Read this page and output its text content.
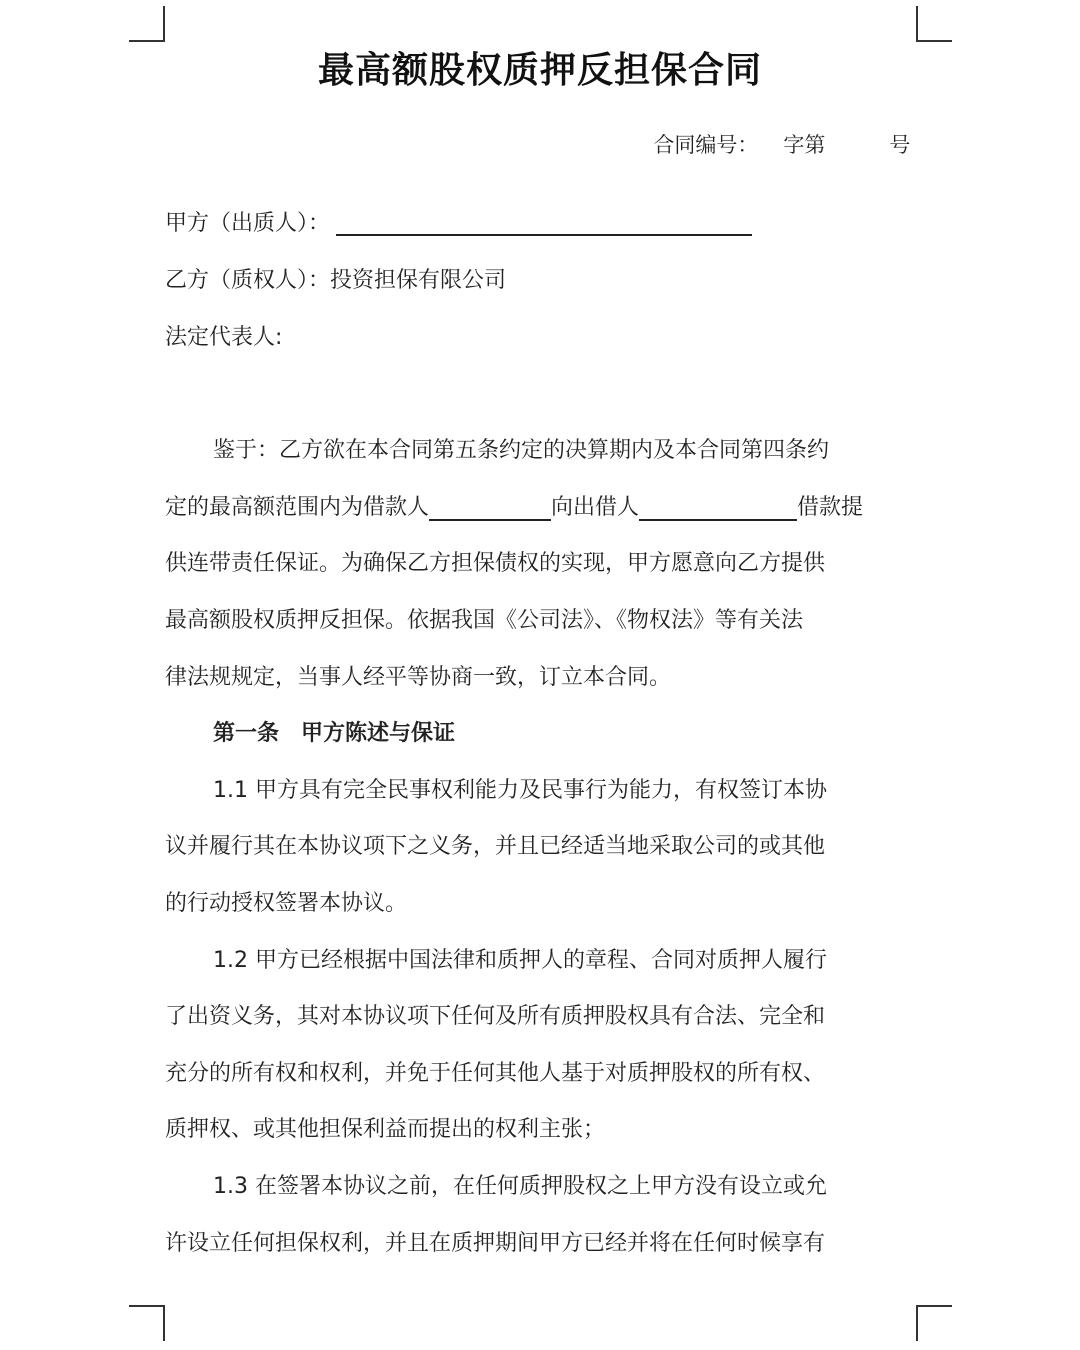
最高额股权质押反担保合同

合同编号： 字第	号

甲方（出质人）：
乙方（质权人）：投资担保有限公司
法定代表人:
鉴于：乙方欲在本合同第五条约定的决算期内及本合同第四条约
定的最高额范围内为借款人	向出借人	借款提
供连带责任保证。为确保乙方担保债权的实现，甲方愿意向乙方提供
最高额股权质押反担保。依据我国《公司法》、《物权法》等有关法
律法规规定，当事人经平等协商一致，订立本合同。
第一条　甲方陈述与保证
1.1 甲方具有完全民事权利能力及民事行为能力，有权签订本协
议并履行其在本协议项下之义务，并且已经适当地采取公司的或其他
的行动授权签署本协议。
1.2 甲方已经根据中国法律和质押人的章程、合同对质押人履行
了出资义务，其对本协议项下任何及所有质押股权具有合法、完全和
充分的所有权和权利，并免于任何其他人基于对质押股权的所有权、
质押权、或其他担保利益而提出的权利主张；
1.3 在签署本协议之前，在任何质押股权之上甲方没有设立或允
许设立任何担保权利，并且在质押期间甲方已经并将在任何时候享有
